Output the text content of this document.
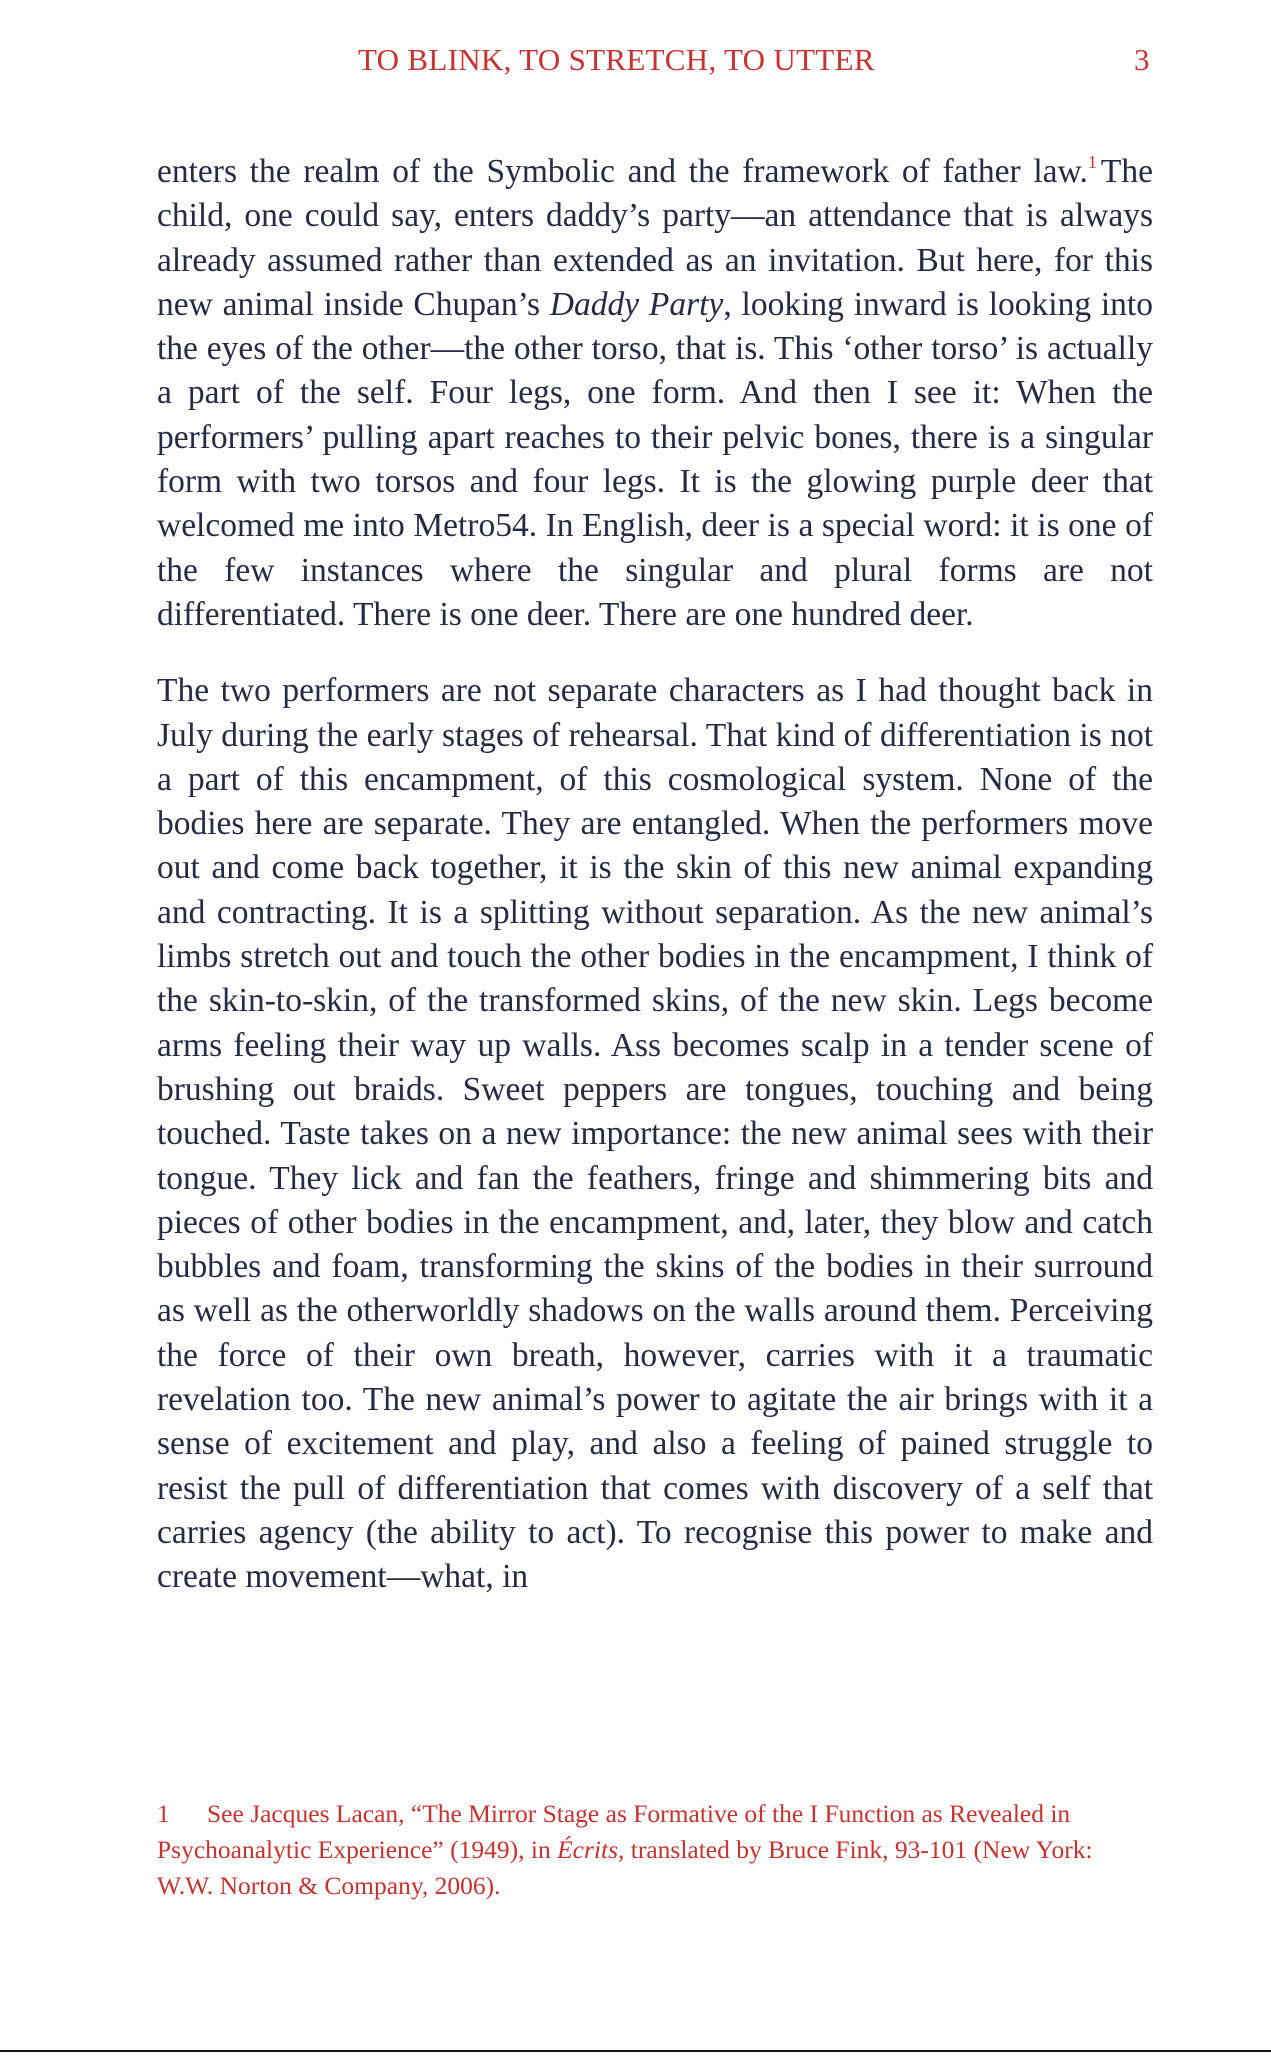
TO BLINK, TO STRETCH, TO UTTER	3

enters the realm of the Symbolic and the framework of father law.$^1$ The child, one could say, enters daddy’s party—an attendance that is always already assumed rather than extended as an invitation. But here, for this new animal inside Chupan’s Daddy Party, looking inward is looking into the eyes of the other—the other torso, that is. This ‘other torso’ is actually a part of the self. Four legs, one form. And then I see it: When the performers’ pulling apart reaches to their pelvic bones, there is a singular form with two torsos and four legs. It is the glowing purple deer that welcomed me into Metro54. In English, deer is a special word: it is one of the few instances where the singular and plural forms are not differentiated. There is one deer. There are one hundred deer.

The two performers are not separate characters as I had thought back in July during the early stages of rehearsal. That kind of differentiation is not a part of this encampment, of this cosmological system. None of the bodies here are separate. They are entangled. When the performers move out and come back together, it is the skin of this new animal expanding and contracting. It is a splitting without separation. As the new animal’s limbs stretch out and touch the other bodies in the encampment, I think of the skin-to-skin, of the transformed skins, of the new skin. Legs become arms feeling their way up walls. Ass becomes scalp in a tender scene of brushing out braids. Sweet peppers are tongues, touching and being touched. Taste takes on a new importance: the new animal sees with their tongue. They lick and fan the feathers, fringe and shimmering bits and pieces of other bodies in the encampment, and, later, they blow and catch bubbles and foam, transforming the skins of the bodies in their surround as well as the otherworldly shadows on the walls around them. Perceiving the force of their own breath, however, carries with it a traumatic revelation too. The new animal’s power to agitate the air brings with it a sense of excitement and play, and also a feeling of pained struggle to resist the pull of differentiation that comes with discovery of a self that carries agency (the ability to act). To recognise this power to make and create movement—what, in

1 See Jacques Lacan, “The Mirror Stage as Formative of the I Function as Revealed in Psychoanalytic Experience” (1949), in Écrits, translated by Bruce Fink, 93-101 (New York: W.W. Norton & Company, 2006).
